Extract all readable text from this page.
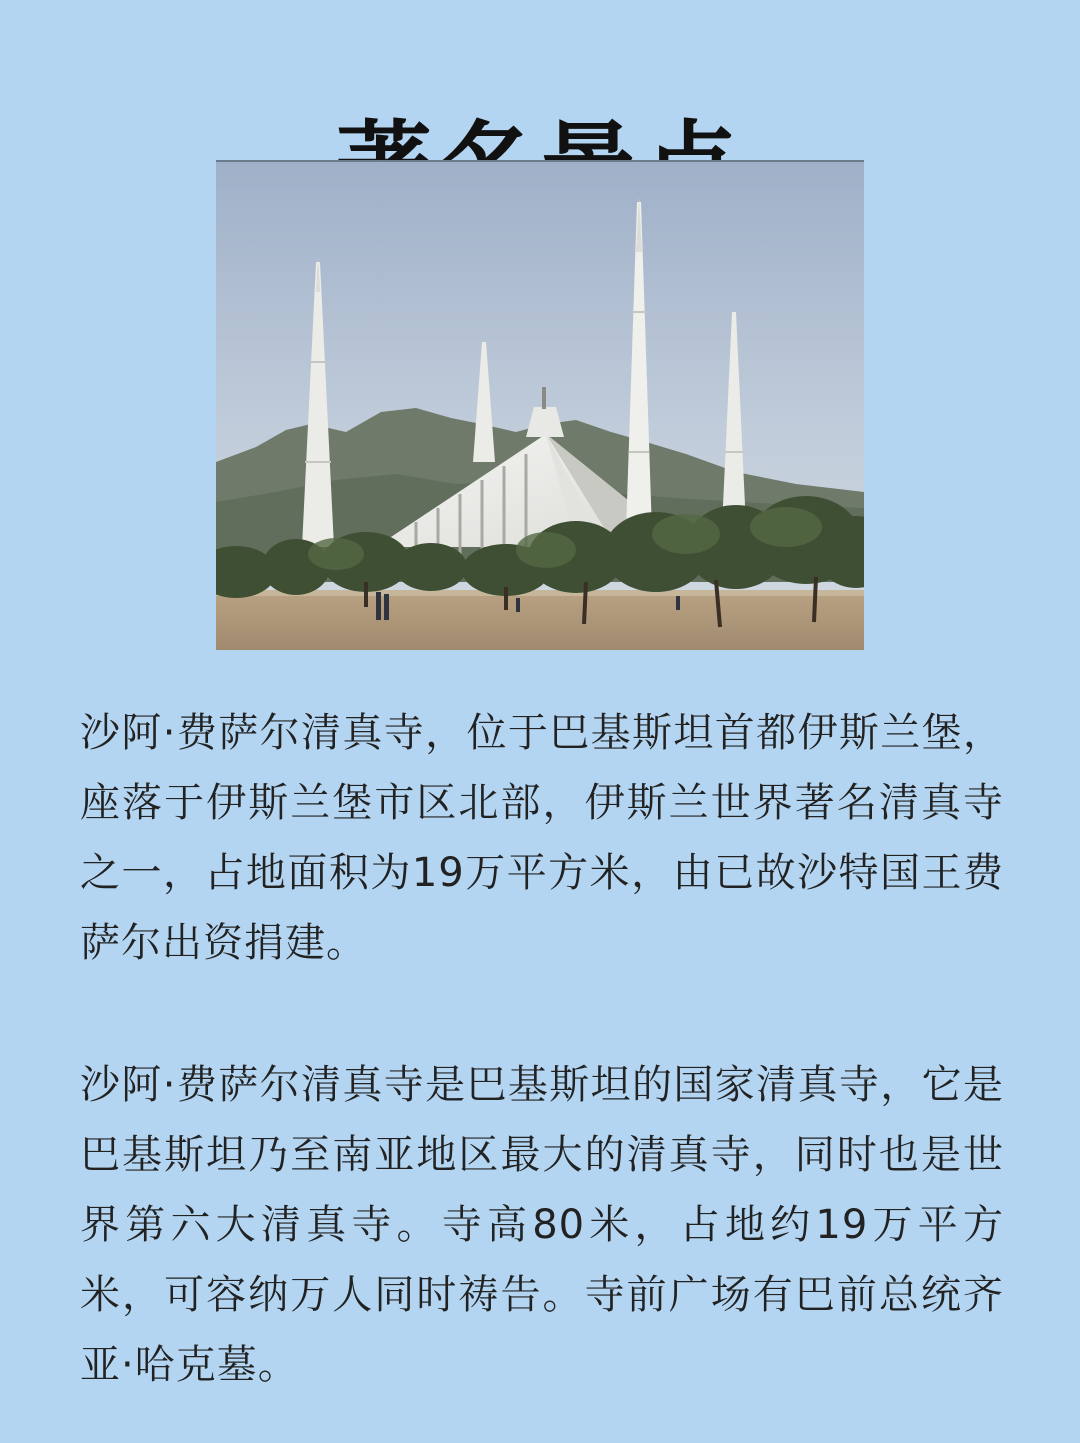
沙阿·费萨尔清真寺，位于巴基斯坦首都伊斯兰堡，座落于伊斯兰堡市区北部，伊斯兰世界著名清真寺之一，占地面积为19万平方米，由已故沙特国王费萨尔出资捐建。

沙阿·费萨尔清真寺是巴基斯坦的国家清真寺，它是巴基斯坦乃至南亚地区最大的清真寺，同时也是世界第六大清真寺。寺高80米，占地约19万平方米，可容纳万人同时祷告。寺前广场有巴前总统齐亚·哈克墓。
